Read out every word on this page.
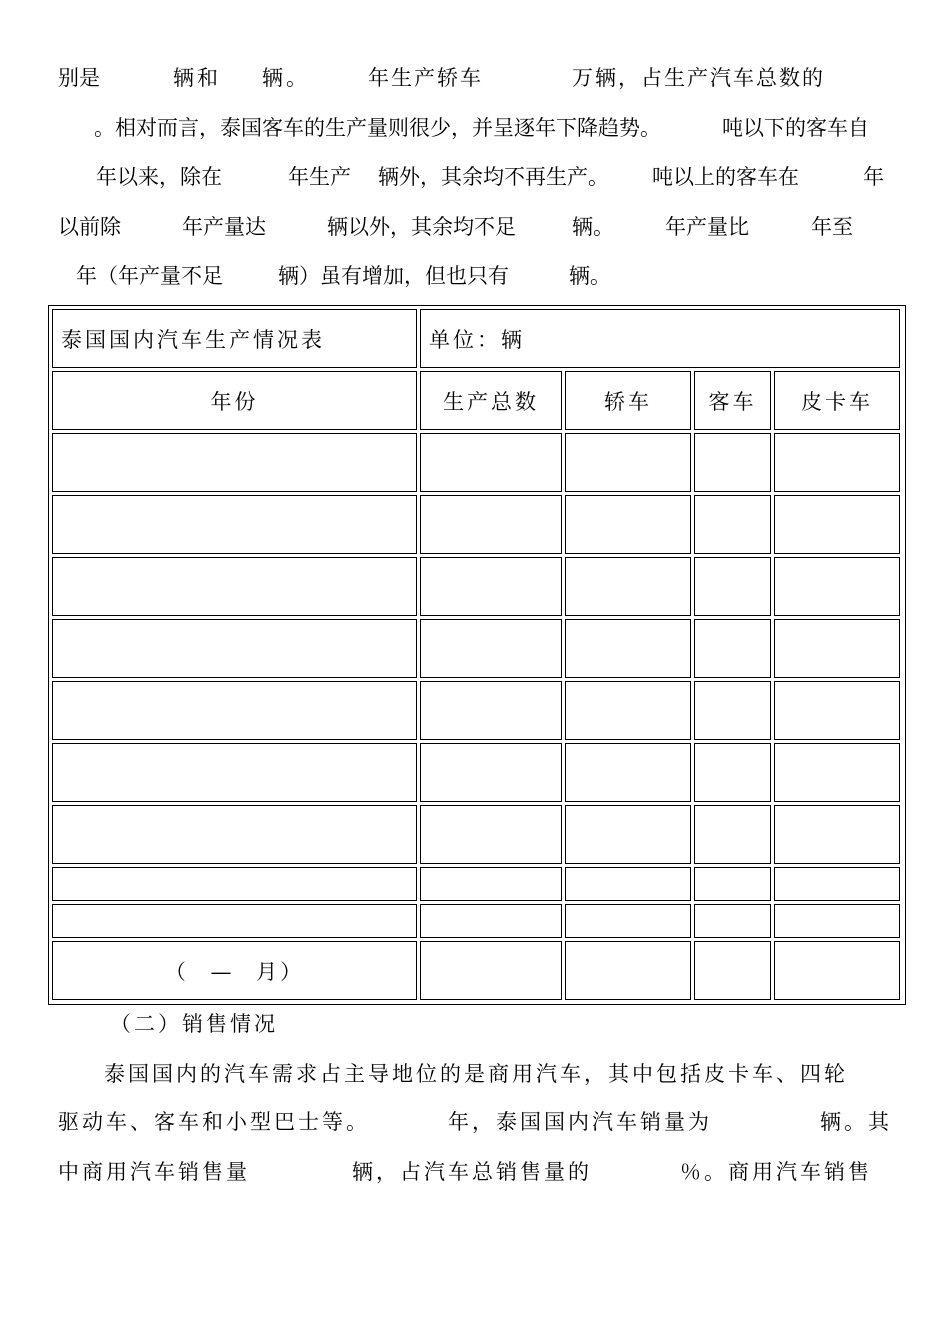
别是	辆和 辆。	年生产轿车	万辆，占生产汽车总数的
。相对而言，泰国客车的生产量则很少，并呈逐年下降趋势。	吨以下的客车自
年以来，除在	年生产 辆外，其余均不再生产。 吨以上的客车在	年
以前除	年产量达	辆以外，其余均不足	辆。 年产量比	年至
年（年产量不足	辆）虽有增加，但也只有	辆。
泰国国内汽车生产情况表	单位：辆
年份	生产总数	轿车	客车	皮卡车
（ — 月）
（二）销售情况
泰国国内的汽车需求占主导地位的是商用汽车，其中包括皮卡车、四轮
驱动车、客车和小型巴士等。	年，泰国国内汽车销量为	辆。其
中商用汽车销售量	辆，占汽车总销售量的	％。商用汽车销售
